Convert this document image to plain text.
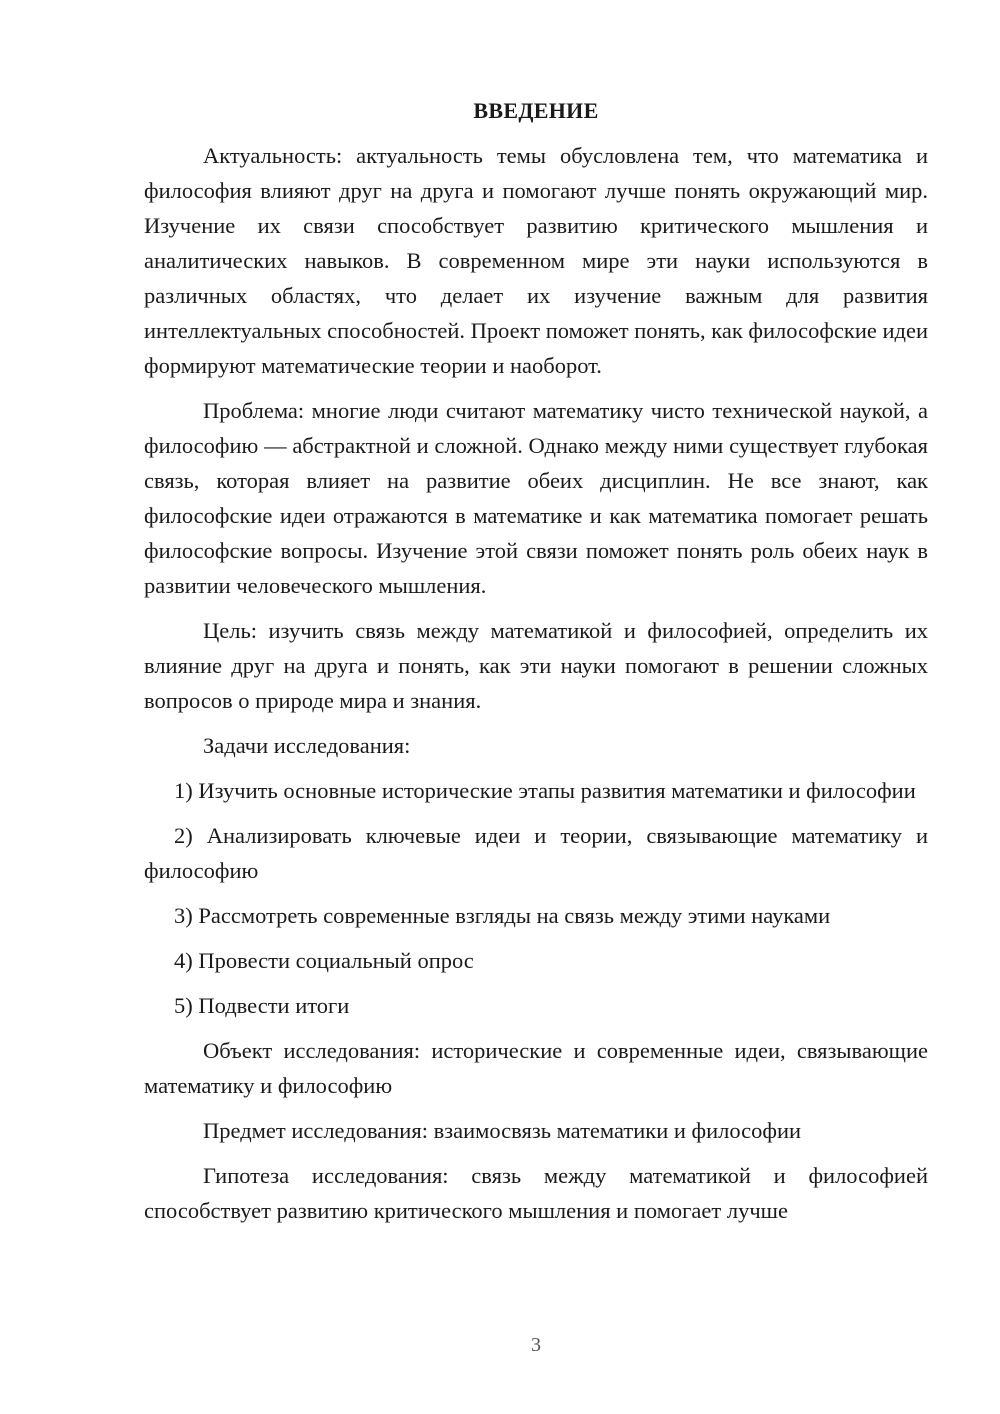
ВВЕДЕНИЕ

Актуальность: актуальность темы обусловлена тем, что математика и философия влияют друг на друга и помогают лучше понять окружающий мир. Изучение их связи способствует развитию критического мышления и аналитических навыков. В современном мире эти науки используются в различных областях, что делает их изучение важным для развития интеллектуальных способностей. Проект поможет понять, как философские идеи формируют математические теории и наоборот.

Проблема: многие люди считают математику чисто технической наукой, а философию — абстрактной и сложной. Однако между ними существует глубокая связь, которая влияет на развитие обеих дисциплин. Не все знают, как философские идеи отражаются в математике и как математика помогает решать философские вопросы. Изучение этой связи поможет понять роль обеих наук в развитии человеческого мышления.

Цель: изучить связь между математикой и философией, определить их влияние друг на друга и понять, как эти науки помогают в решении сложных вопросов о природе мира и знания.

Задачи исследования:

1) Изучить основные исторические этапы развития математики и философии

2) Анализировать ключевые идеи и теории, связывающие математику и философию

3) Рассмотреть современные взгляды на связь между этими науками

4) Провести социальный опрос

5) Подвести итоги

Объект исследования: исторические и современные идеи, связывающие математику и философию

Предмет исследования: взаимосвязь математики и философии

Гипотеза исследования: связь между математикой и философией способствует развитию критического мышления и помогает лучше

3
